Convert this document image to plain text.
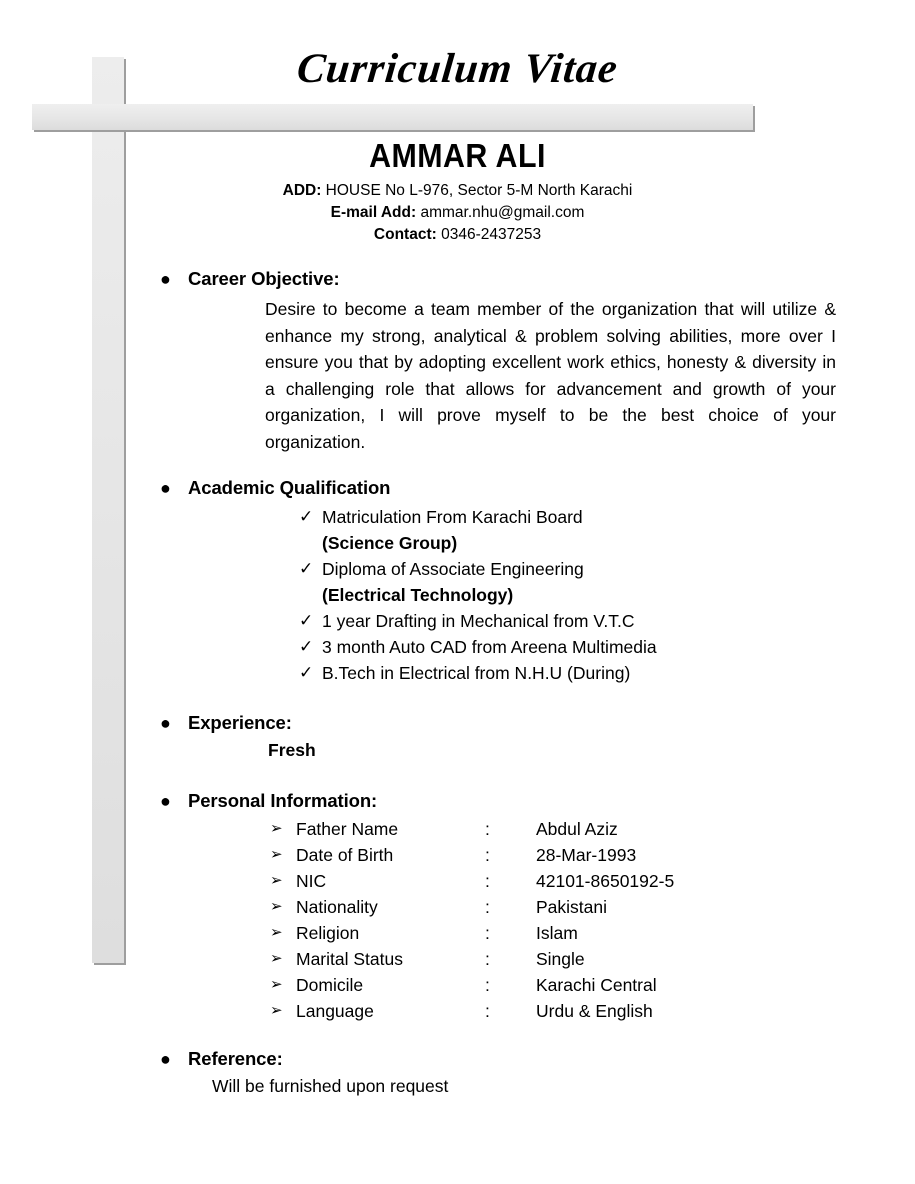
Curriculum Vitae
AMMAR ALI
ADD: HOUSE No L-976, Sector 5-M North Karachi
E-mail Add: ammar.nhu@gmail.com
Contact: 0346-2437253
● Career Objective:
Desire to become a team member of the organization that will utilize & enhance my strong, analytical & problem solving abilities, more over I ensure you that by adopting excellent work ethics, honesty & diversity in a challenging role that allows for advancement and growth of your organization, I will prove myself to be the best choice of your organization.
● Academic Qualification
✓ Matriculation From Karachi Board
(Science Group)
✓ Diploma of Associate Engineering
(Electrical Technology)
✓ 1 year Drafting in Mechanical from V.T.C
✓ 3 month Auto CAD from Areena Multimedia
✓ B.Tech in Electrical from N.H.U (During)
● Experience:
Fresh
● Personal Information:
➢	Father Name	:	Abdul Aziz
➢	Date of Birth	:	28-Mar-1993
➢	NIC	:	42101-8650192-5
➢	Nationality	:	Pakistani
➢	Religion	:	Islam
➢	Marital Status	:	Single
➢	Domicile	:	Karachi Central
➢	Language	:	Urdu & English
● Reference:
Will be furnished upon request
